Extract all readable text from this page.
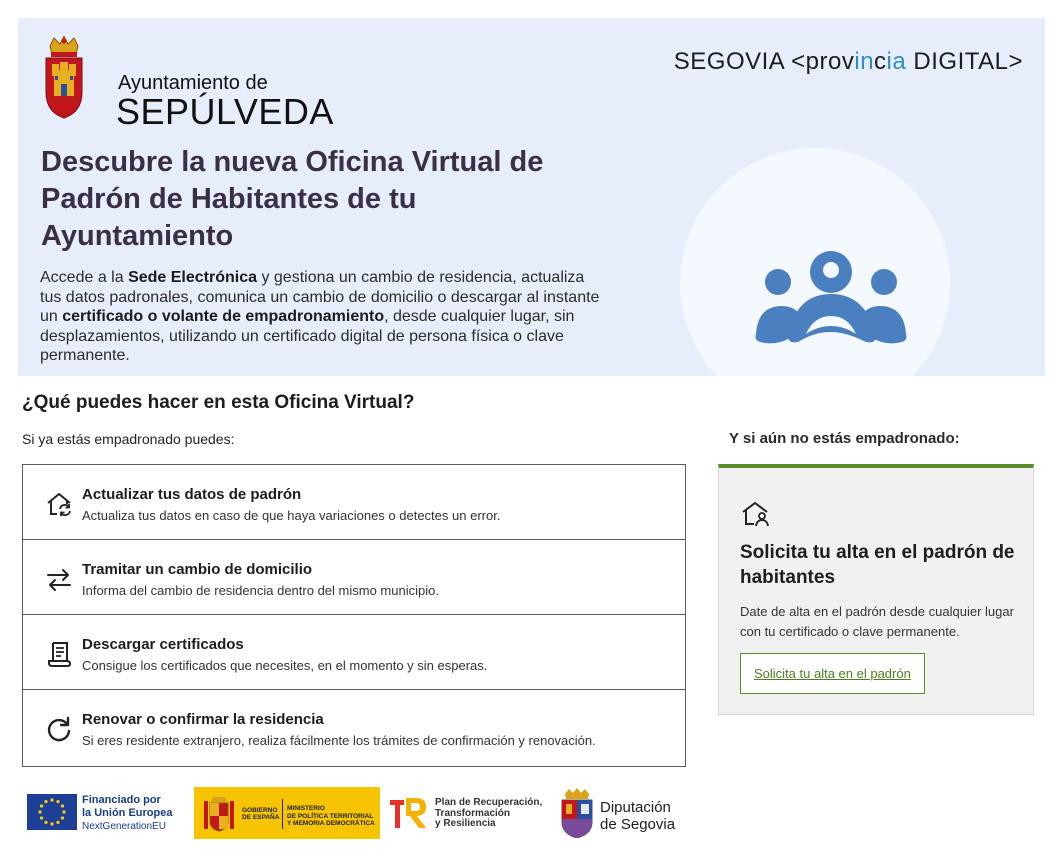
Ayuntamiento de
SEPÚLVEDA
SEGOVIA <provincia DIGITAL>
Descubre la nueva Oficina Virtual de Padrón de Habitantes de tu Ayuntamiento

Accede a la Sede Electrónica y gestiona un cambio de residencia, actualiza tus datos padronales, comunica un cambio de domicilio o descargar al instante un certificado o volante de empadronamiento, desde cualquier lugar, sin desplazamientos, utilizando un certificado digital de persona física o clave permanente.

¿Qué puedes hacer en esta Oficina Virtual?
Si ya estás empadronado puedes:
Actualizar tus datos de padrón
Actualiza tus datos en caso de que haya variaciones o detectes un error.
Tramitar un cambio de domicilio
Informa del cambio de residencia dentro del mismo municipio.
Descargar certificados
Consigue los certificados que necesites, en el momento y sin esperas.
Renovar o confirmar la residencia
Si eres residente extranjero, realiza fácilmente los trámites de confirmación y renovación.
Y si aún no estás empadronado:
Solicita tu alta en el padrón de habitantes
Date de alta en el padrón desde cualquier lugar con tu certificado o clave permanente.
Solicita tu alta en el padrón
Financiado por
la Unión Europea
NextGenerationEU
GOBIERNO
DE ESPAÑA
MINISTERIO
DE POLÍTICA TERRITORIAL
Y MEMORIA DEMOCRÁTICA
Plan de Recuperación,
Transformación
y Resiliencia
Diputación
de Segovia
